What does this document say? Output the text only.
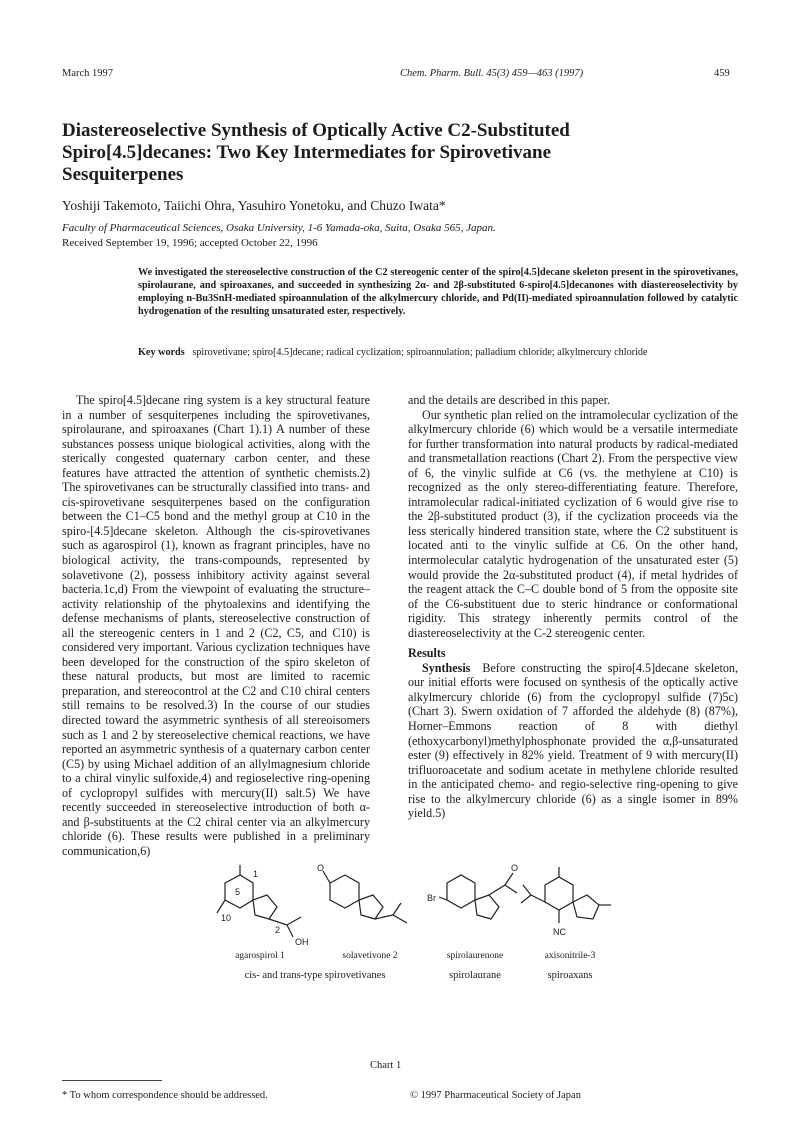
March 1997	Chem. Pharm. Bull. 45(3) 459—463 (1997)	459
Diastereoselective Synthesis of Optically Active C2-Substituted Spiro[4.5]decanes: Two Key Intermediates for Spirovetivane Sesquiterpenes
Yoshiji Takemoto, Taiichi Ohra, Yasuhiro Yonetoku, and Chuzo Iwata*
Faculty of Pharmaceutical Sciences, Osaka University, 1-6 Yamada-oka, Suita, Osaka 565, Japan.
Received September 19, 1996; accepted October 22, 1996
We investigated the stereoselective construction of the C2 stereogenic center of the spiro[4.5]decane skeleton present in the spirovetivanes, spirolaurane, and spiroaxanes, and succeeded in synthesizing 2α- and 2β-substituted 6-spiro[4.5]decanones with diastereoselectivity by employing n-Bu3SnH-mediated spiroannulation of the alkylmercury chloride, and Pd(II)-mediated spiroannulation followed by catalytic hydrogenation of the resulting unsaturated ester, respectively.
Key words spirovetivane; spiro[4.5]decane; radical cyclization; spiroannulation; palladium chloride; alkylmercury chloride

The spiro[4.5]decane ring system is a key structural feature in a number of sesquiterpenes including the spirovetivanes, spirolaurane, and spiroaxanes (Chart 1).1) A number of these substances possess unique biological activities, along with the sterically congested quaternary carbon center, and these features have attracted the attention of synthetic chemists.2) The spirovetivanes can be structurally classified into trans- and cis-spirovetivane sesquiterpenes based on the configuration between the C1–C5 bond and the methyl group at C10 in the spiro-[4.5]decane skeleton. Although the cis-spirovetivanes such as agarospirol (1), known as fragrant principles, have no biological activity, the trans-compounds, represented by solavetivone (2), possess inhibitory activity against several bacteria.1c,d) From the viewpoint of evaluating the structure–activity relationship of the phytoalexins and identifying the defense mechanisms of plants, stereoselective construction of all the stereogenic centers in 1 and 2 (C2, C5, and C10) is considered very important. Various cyclization techniques have been developed for the construction of the spiro skeleton of these natural products, but most are limited to racemic preparation, and stereocontrol at the C2 and C10 chiral centers still remains to be resolved.3) In the course of our studies directed toward the asymmetric synthesis of all stereoisomers such as 1 and 2 by stereoselective chemical reactions, we have reported an asymmetric synthesis of a quaternary carbon center (C5) by using Michael addition of an allylmagnesium chloride to a chiral vinylic sulfoxide,4) and regioselective ring-opening of cyclopropyl sulfides with mercury(II) salt.5) We have recently succeeded in stereoselective introduction of both α- and β-substituents at the C2 chiral center via an alkylmercury chloride (6). These results were published in a preliminary communication,6)

and the details are described in this paper.

Our synthetic plan relied on the intramolecular cyclization of the alkylmercury chloride (6) which would be a versatile intermediate for further transformation into natural products by radical-mediated and transmetallation reactions (Chart 2). From the perspective view of 6, the vinylic sulfide at C6 (vs. the methylene at C10) is recognized as the only stereo-differentiating feature. Therefore, intramolecular radical-initiated cyclization of 6 would give rise to the 2β-substituted product (3), if the cyclization proceeds via the less sterically hindered transition state, where the C2 substituent is located anti to the vinylic sulfide at C6. On the other hand, intermolecular catalytic hydrogenation of the unsaturated ester (5) would provide the 2α-substituted product (4), if metal hydrides of the reagent attack the C–C double bond of 5 from the opposite site of the C6-substituent due to steric hindrance or conformational rigidity. This strategy inherently permits control of the diastereoselectivity at the C-2 stereogenic center.

Results

Synthesis Before constructing the spiro[4.5]decane skeleton, our initial efforts were focused on synthesis of the optically active alkylmercury chloride (6) from the cyclopropyl sulfide (7)5c) (Chart 3). Swern oxidation of 7 afforded the aldehyde (8) (87%), Horner–Emmons reaction of 8 with diethyl (ethoxycarbonyl)methylphosphonate provided the α,β-unsaturated ester (9) effectively in 82% yield. Treatment of 9 with mercury(II) trifluoroacetate and sodium acetate in methylene chloride resulted in the anticipated chemo- and regio-selective ring-opening to give rise to the alkylmercury chloride (6) as a single isomer in 89% yield.5)

5
1
10
2
OH
O
Br
O
NC
agarospirol 1	solavetivone 2	spirolaurenone	axisonitrile-3
cis- and trans-type spirovetivanes	spirolaurane	spiroaxans
Chart 1
* To whom correspondence should be addressed.	© 1997 Pharmaceutical Society of Japan
